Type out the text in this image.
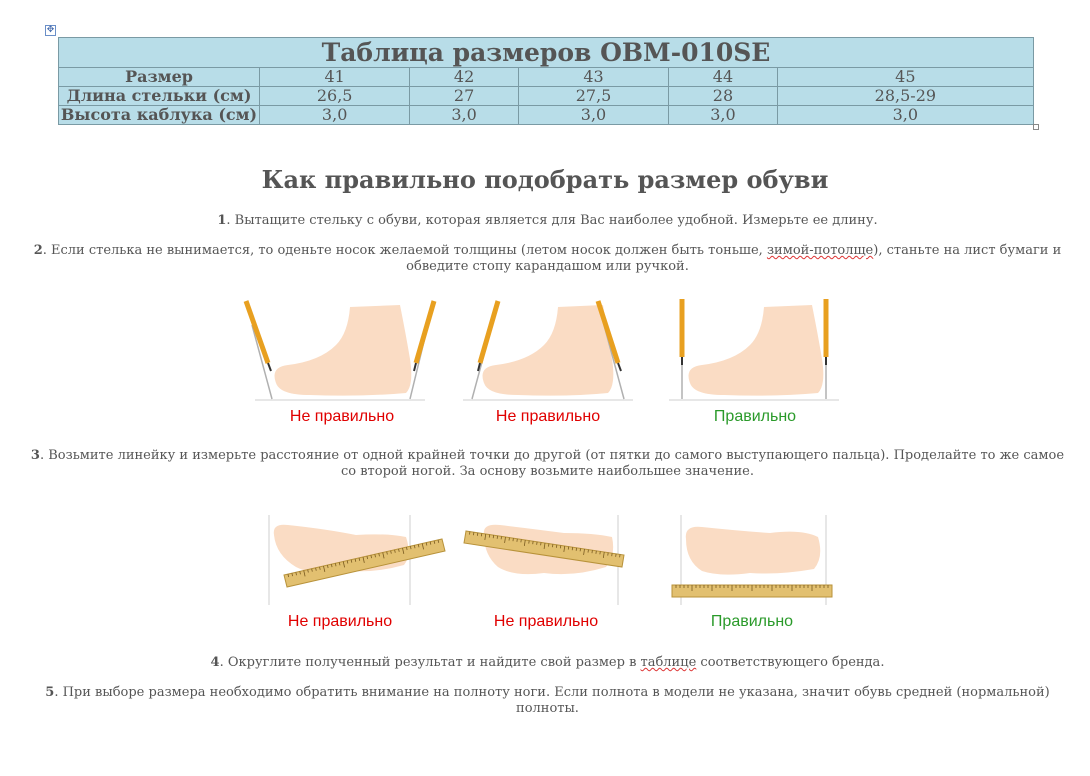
✥
Таблица размеров OBM-010SE					
Размер	41	42	43	44	45
Длина стельки (см)	26,5	27	27,5	28	28,5-29
Высота каблука (см)	3,0	3,0	3,0	3,0	3,0
Как правильно подобрать размер обуви
1. Вытащите стельку с обуви, которая является для Вас наиболее удобной. Измерьте ее длину.
2. Если стелька не вынимается, то оденьте носок желаемой толщины (летом носок должен быть тоньше, зимой-потолще), станьте на лист бумаги и обведите стопу карандашом или ручкой.
Не правильно	Не правильно	Правильно
3. Возьмите линейку и измерьте расстояние от одной крайней точки до другой (от пятки до самого выступающего пальца). Проделайте то же самое со второй ногой. За основу возьмите наибольшее значение.
Не правильно	Не правильно	Правильно
4. Округлите полученный результат и найдите свой размер в таблице соответствующего бренда.
5. При выборе размера необходимо обратить внимание на полноту ноги. Если полнота в модели не указана, значит обувь средней (нормальной) полноты.
